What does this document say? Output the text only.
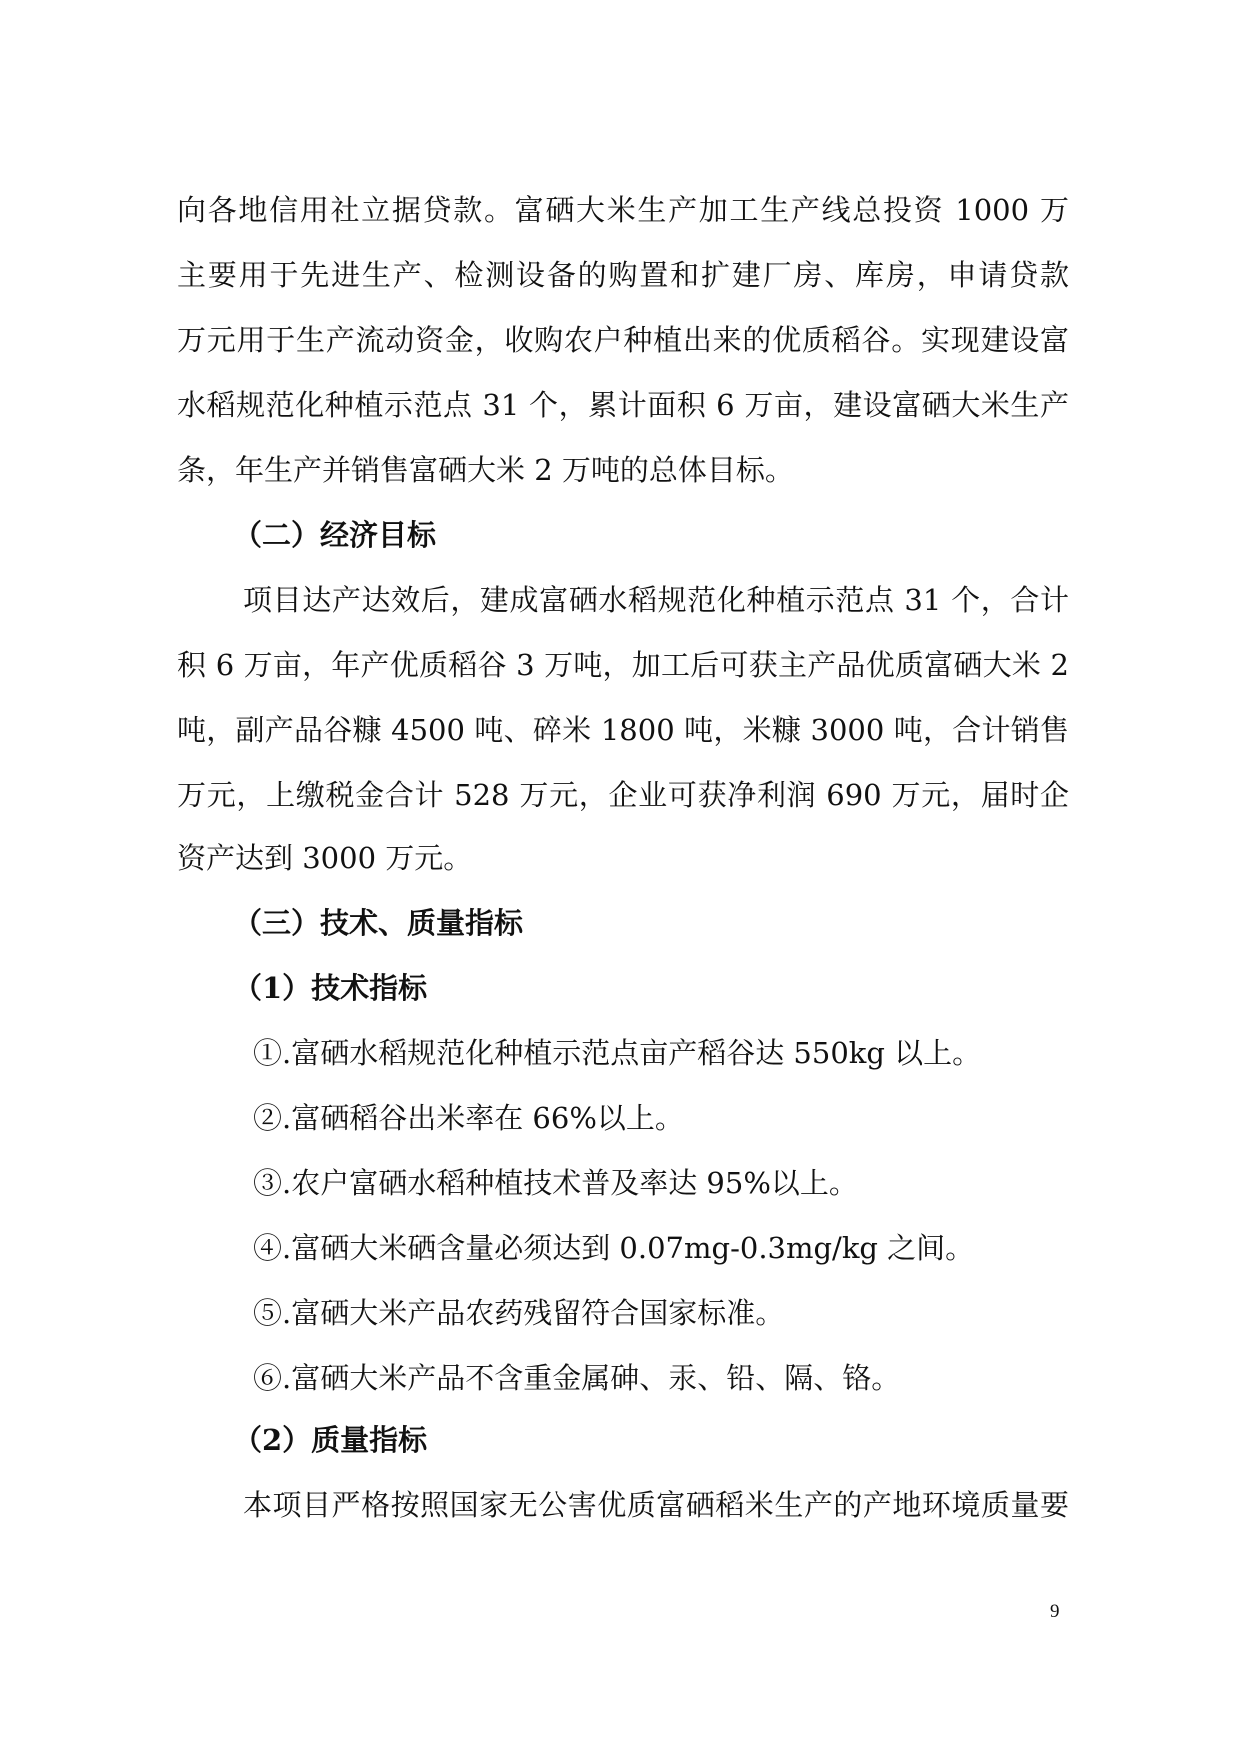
向各地信用社立据贷款。富硒大米生产加工生产线总投资 1000 万
主要用于先进生产、检测设备的购置和扩建厂房、库房，申请贷款
万元用于生产流动资金，收购农户种植出来的优质稻谷。实现建设富
水稻规范化种植示范点 31 个，累计面积 6 万亩，建设富硒大米生产
条，年生产并销售富硒大米 2 万吨的总体目标。
（二）经济目标
项目达产达效后，建成富硒水稻规范化种植示范点 31 个，合计
积 6 万亩，年产优质稻谷 3 万吨，加工后可获主产品优质富硒大米 2
吨，副产品谷糠 4500 吨、碎米 1800 吨，米糠 3000 吨，合计销售
万元，上缴税金合计 528 万元，企业可获净利润 690 万元，届时企
资产达到 3000 万元。
（三）技术、质量指标
（1）技术指标
①.富硒水稻规范化种植示范点亩产稻谷达 550kg 以上。
②.富硒稻谷出米率在 66%以上。
③.农户富硒水稻种植技术普及率达 95%以上。
④.富硒大米硒含量必须达到 0.07mg-0.3mg/kg 之间。
⑤.富硒大米产品农药残留符合国家标准。
⑥.富硒大米产品不含重金属砷、汞、铅、隔、铬。
（2）质量指标
本项目严格按照国家无公害优质富硒稻米生产的产地环境质量要
9
